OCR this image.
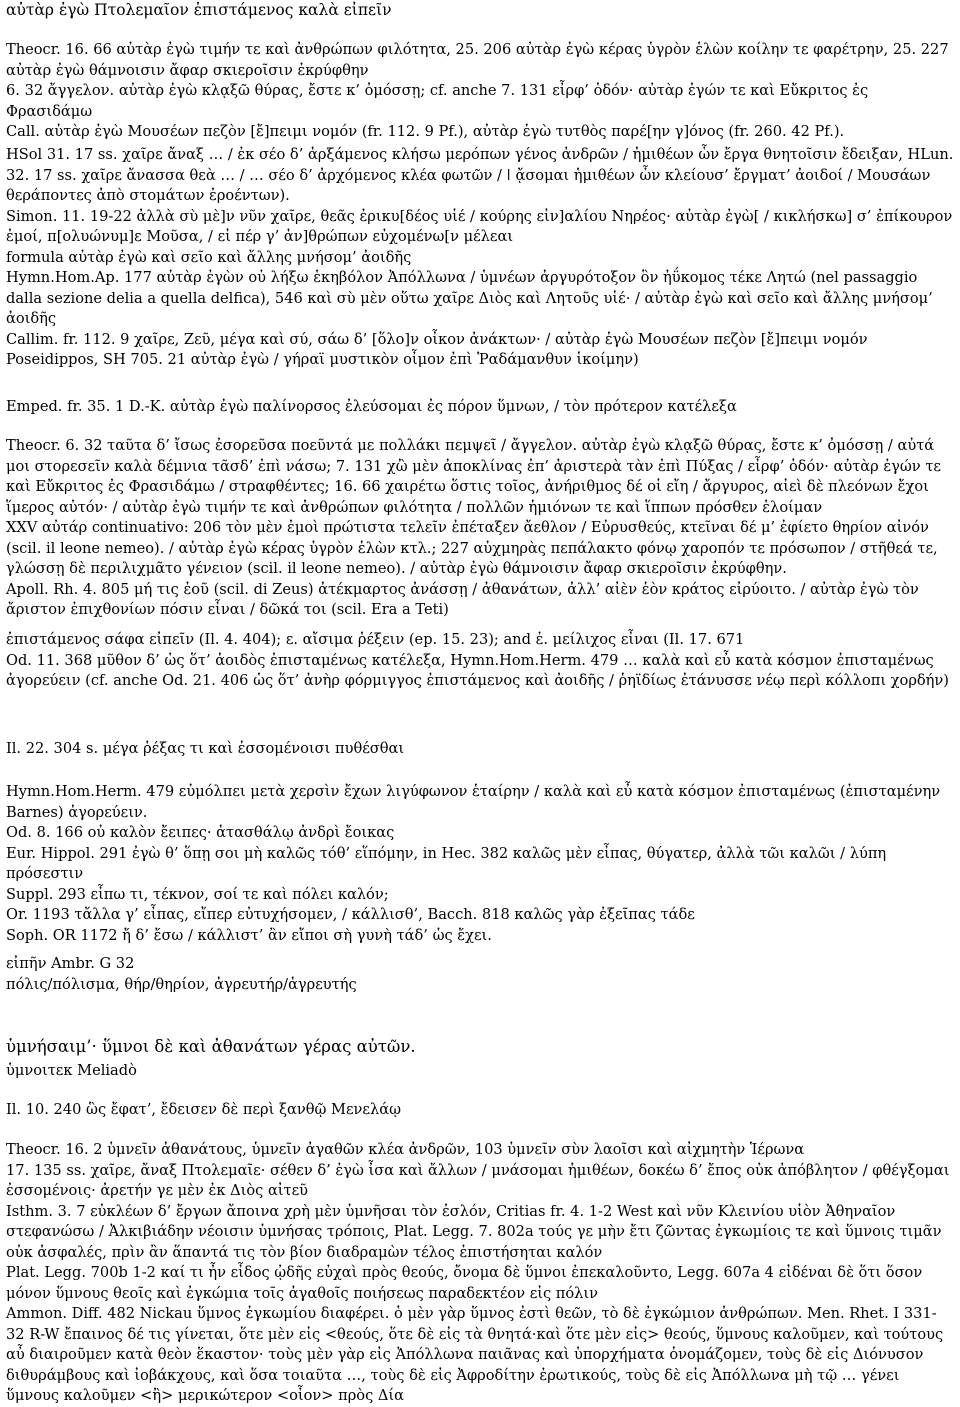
αὐτὰρ ἐγὼ Πτολεμαῖον ἐπιστάμενος καλὰ εἰπεῖν
Theocr. 16. 66 αὐτὰρ ἐγὼ τιμήν τε καὶ ἀνθρώπων φιλότητα, 25. 206 αὐτὰρ ἐγὼ κέρας ὑγρὸν ἑλὼν κοίλην τε φαρέτρην, 25. 227 αὐτὰρ ἐγὼ θάμνοισιν ἄφαρ σκιεροῖσιν ἐκρύφθην
6. 32 ἄγγελον. αὐτὰρ ἐγὼ κλᾳξῶ θύρας, ἔστε κ’ ὀμόσσῃ; cf. anche 7. 131 εἶρφ’ ὁδόν· αὐτὰρ ἐγών τε καὶ Εὔκριτος ἐς Φρασιδάμω
Call. αὐτὰρ ἐγὼ Μουσέων πεζὸν [ἔ]πειμι νομόν (fr. 112. 9 Pf.), αὐτὰρ ἐγὼ τυτθὸς παρέ[ην γ]όνος (fr. 260. 42 Pf.).
HSol 31. 17 ss. χαῖρε ἄναξ … / ἐκ σέο δ’ ἀρξάμενος κλήσω μερόπων γένος ἀνδρῶν / ἡμιθέων ὧν ἔργα θνητοῖσιν ἔδειξαν, HLun. 32. 17 ss. χαῖρε ἄνασσα θεὰ … / … σέο δ’ ἀρχόμενος κλέα φωτῶν / ǀ ᾄσομαι ἡμιθέων ὧν κλείουσ’ ἔργματ’ ἀοιδοί / Μουσάων θεράποντες ἀπὸ στομάτων ἐροέντων).
Simon. 11. 19-22 ἀλλὰ σὺ μὲ]ν νῦν χαῖρε, θεᾶς ἐρικυ[δέος υἱέ / κούρης εἰν]αλίου Νηρέος· αὐτὰρ ἐγὼ[ / κικλήσκω] σ’ ἐπίκουρον ἐμοί, π[ολυώνυμ]ε Μοῦσα, / εἰ πέρ γ’ ἀν]θρώπων εὐχομένω[ν μέλεαι
formula αὐτὰρ ἐγὼ καὶ σεῖο καὶ ἄλλης μνήσομ’ ἀοιδῆς
Hymn.Hom.Ap. 177 αὐτὰρ ἐγὼν οὐ λήξω ἑκηβόλον Ἀπόλλωνα / ὑμνέων ἀργυρότοξον ὃν ἠΰκομος τέκε Λητώ (nel passaggio dalla sezione delia a quella delfica), 546 καὶ σὺ μὲν οὕτω χαῖρε Διὸς καὶ Λητοῦς υἱέ· / αὐτὰρ ἐγὼ καὶ σεῖο καὶ ἄλλης μνήσομ’ ἀοιδῆς
Callim. fr. 112. 9 χαῖρε, Ζεῦ, μέγα καὶ σύ, σάω δ’ [ὅλο]ν οἶκον ἀνάκτων· / αὐτὰρ ἐγὼ Μουσέων πεζὸν [ἔ]πειμι νομόν
Poseidippos, SH 705. 21 αὐτὰρ ἐγὼ / γήραϊ μυστικὸν οἶμον ἐπὶ Ῥαδάμανθυν ἱκοίμην)
Emped. fr. 35. 1 D.-K. αὐτὰρ ἐγὼ παλίνορσος ἐλεύσομαι ἐς πόρον ὕμνων, / τὸν πρότερον κατέλεξα
Theocr. 6. 32 ταῦτα δ’ ἴσως ἐσορεῦσα ποεῦντά με πολλάκι πεμψεῖ / ἄγγελον. αὐτὰρ ἐγὼ κλᾳξῶ θύρας, ἔστε κ’ ὀμόσσῃ / αὐτά μοι στορεσεῖν καλὰ δέμνια τᾶσδ’ ἐπὶ νάσω; 7. 131 χὢ μὲν ἀποκλίνας ἐπ’ ἀριστερὰ τὰν ἐπὶ Πύξας / εἶρφ’ ὁδόν· αὐτὰρ ἐγών τε καὶ Εὔκριτος ἐς Φρασιδάμω / στραφθέντες; 16. 66 χαιρέτω ὅστις τοῖος, ἀνήριθμος δέ οἱ εἴη / ἄργυρος, αἰεὶ δὲ πλεόνων ἔχοι ἵμερος αὐτόν· / αὐτὰρ ἐγὼ τιμήν τε καὶ ἀνθρώπων φιλότητα / πολλῶν ἡμιόνων τε καὶ ἵππων πρόσθεν ἑλοίμαν
XXV αὐτάρ continuativo: 206 τὸν μὲν ἐμοὶ πρώτιστα τελεῖν ἐπέταξεν ἄεθλον / Εὐρυσθεύς, κτεῖναι δέ μ’ ἐφίετο θηρίον αἰνόν (scil. il leone nemeo). / αὐτὰρ ἐγὼ κέρας ὑγρὸν ἑλὼν κτλ.; 227 αὐχμηρὰς πεπάλακτο φόνῳ χαροπόν τε πρόσωπον / στῆθεά τε, γλώσσῃ δὲ περιλιχμᾶτο γένειον (scil. il leone nemeo). / αὐτὰρ ἐγὼ θάμνοισιν ἄφαρ σκιεροῖσιν ἐκρύφθην.
Apoll. Rh. 4. 805 μή τις ἐοῦ (scil. di Zeus) ἀτέκμαρτος ἀνάσσῃ / ἀθανάτων, ἀλλ’ αἰὲν ἑὸν κράτος εἰρύοιτο. / αὐτὰρ ἐγὼ τὸν ἄριστον ἐπιχθονίων πόσιν εἶναι / δῶκά τοι (scil. Era a Teti)
ἐπιστάμενος σάφα εἰπεῖν (Il. 4. 404); ε. αἴσιμα ῥέξειν (ep. 15. 23); and ἐ. μείλιχος εἶναι (Il. 17. 671
Od. 11. 368 μῦθον δ’ ὡς ὅτ’ ἀοιδὸς ἐπισταμένως κατέλεξα, Hymn.Hom.Herm. 479 … καλὰ καὶ εὖ κατὰ κόσμον ἐπισταμένως ἀγορεύειν (cf. anche Od. 21. 406 ὡς ὅτ’ ἀνὴρ φόρμιγγος ἐπιστάμενος καὶ ἀοιδῆς / ῥηϊδίως ἐτάνυσσε νέῳ περὶ κόλλοπι χορδήν)
Il. 22. 304 s. μέγα ῥέξας τι καὶ ἐσσομένοισι πυθέσθαι
Hymn.Hom.Herm. 479 εὐμόλπει μετὰ χερσὶν ἔχων λιγύφωνον ἑταίρην / καλὰ καὶ εὖ κατὰ κόσμον ἐπισταμένως (ἐπισταμένην Barnes) ἀγορεύειν.
Od. 8. 166 οὐ καλὸν ἔειπες· ἀτασθάλῳ ἀνδρὶ ἔοικας
Eur. Hippol. 291 ἐγὼ θ’ ὅπῃ σοι μὴ καλῶς τόθ’ εἵπόμην, in Hec. 382 καλῶς μὲν εἶπας, θύγατερ, ἀλλὰ τῶι καλῶι / λύπη πρόσεστιν
Suppl. 293 εἶπω τι, τέκνον, σοί τε καὶ πόλει καλόν;
Or. 1193 τἄλλα γ’ εἶπας, εἴπερ εὐτυχήσομεν, / κάλλισθ’, Bacch. 818 καλῶς γὰρ ἐξεῖπας τάδε
Soph. OR 1172 ἤ δ’ ἔσω / κάλλιστ’ ἂν εἴποι σὴ γυνὴ τάδ’ ὡς ἔχει.
εἰπῆν Ambr. G 32
πόλις/πόλισμα, θήρ/θηρίον, ἀγρευτήρ/ἀγρευτής
ὑμνήσαιμ’· ὕμνοι δὲ καὶ ἀθανάτων γέρας αὐτῶν.
ὑμνοιτεκ Meliadò
Il. 10. 240 ὣς ἔφατ’, ἔδεισεν δὲ περὶ ξανθῷ Μενελάῳ
Theocr. 16. 2 ὑμνεῖν ἀθανάτους, ὑμνεῖν ἀγαθῶν κλέα ἀνδρῶν, 103 ὑμνεῖν σὺν λαοῖσι καὶ αἰχμητὴν Ἱέρωνα
17. 135 ss. χαῖρε, ἄναξ Πτολεμαῖε· σέθεν δ’ ἐγὼ ἶσα καὶ ἄλλων / μνάσομαι ἡμιθέων, δοκέω δ’ ἔπος οὐκ ἀπόβλητον / φθέγξομαι ἐσσομένοις· ἀρετήν γε μὲν ἐκ Διὸς αἰτεῦ
Isthm. 3. 7 εὐκλέων δ’ ἔργων ἄποινα χρὴ μὲν ὑμνῆσαι τὸν ἐσλόν, Critias fr. 4. 1-2 West καὶ νῦν Κλεινίου υἱὸν Ἀθηναῖον στεφανώσω / Ἀλκιβιάδην νέοισιν ὑμνήσας τρόποις, Plat. Legg. 7. 802a τούς γε μὴν ἔτι ζῶντας ἐγκωμίοις τε καὶ ὕμνοις τιμᾶν οὐκ ἀσφαλές, πρὶν ἂν ἅπαντά τις τὸν βίον διαδραμὼν τέλος ἐπιστήσηται καλόν
Plat. Legg. 700b 1-2 καί τι ἦν εἶδος ᾠδῆς εὐχαὶ πρὸς θεούς, ὄνομα δὲ ὕμνοι ἐπεκαλοῦντο, Legg. 607a 4 εἰδέναι δὲ ὅτι ὅσον μόνον ὕμνους θεοῖς καὶ ἐγκώμια τοῖς ἀγαθοῖς ποιήσεως παραδεκτέον εἰς πόλιν
Ammon. Diff. 482 Nickau ὕμνος ἐγκωμίου διαφέρει. ὁ μὲν γὰρ ὕμνος ἐστὶ θεῶν, τὸ δὲ ἐγκώμιον ἀνθρώπων. Men. Rhet. I 331-32 R-W ἔπαινος δέ τις γίνεται, ὅτε μὲν εἰς <θεούς, ὅτε δὲ εἰς τὰ θνητά·καὶ ὅτε μὲν εἰς> θεούς, ὕμνους καλοῦμεν, καὶ τούτους αὖ διαιροῦμεν κατὰ θεὸν ἕκαστον· τοὺς μὲν γὰρ εἰς Ἀπόλλωνα παιᾶνας καὶ ὑπορχήματα ὀνομάζομεν, τοὺς δὲ εἰς Διόνυσον διθυράμβους καὶ ἰοβάκχους, καὶ ὅσα τοιαῦτα …, τοὺς δὲ εἰς Ἀφροδίτην ἐρωτικούς, τοὺς δὲ εἰς Ἀπόλλωνα μὴ τῷ … γένει ὕμνους καλοῦμεν <ἢ> μερικώτερον <οἷον> πρὸς Δία
